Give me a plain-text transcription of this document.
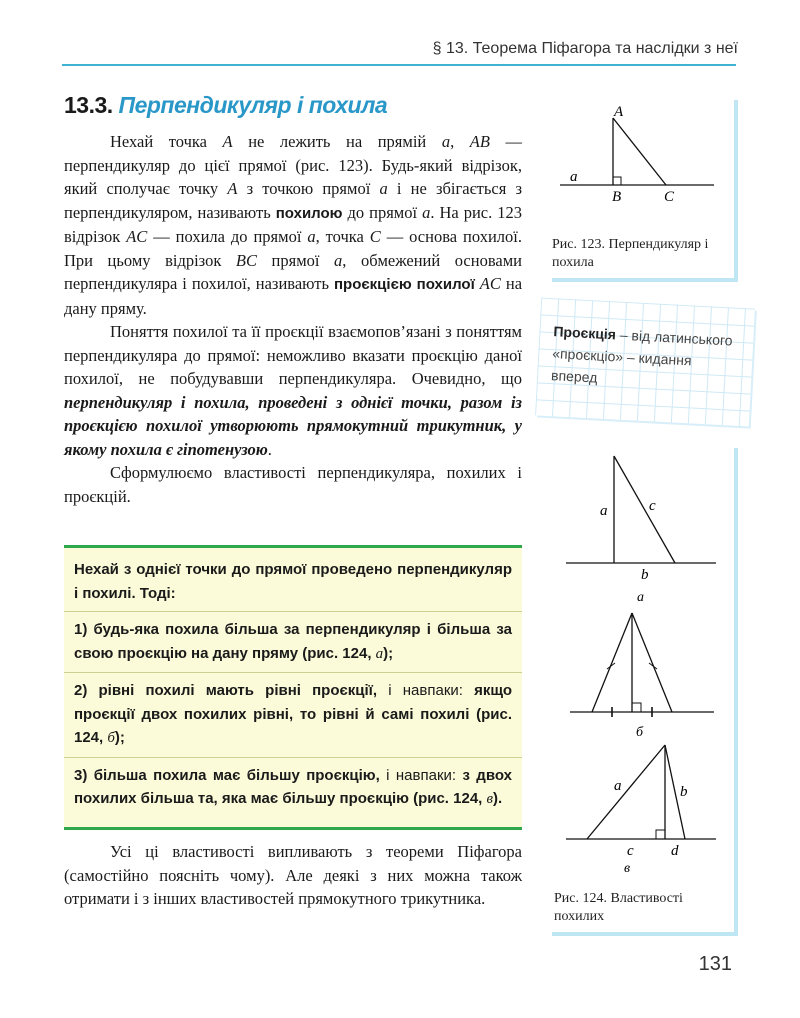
§ 13. Теорема Піфагора та наслідки з неї
13.3. Перпендикуляр і похила

Нехай точка A не лежить на прямій a, AB — перпендикуляр до цієї прямої (рис. 123). Будь-який відрізок, який сполучає точку A з точкою прямої a і не збігається з перпендикуляром, називають похилою до прямої a. На рис. 123 відрізок AC — похила до прямої a, точка C — основа похилої. При цьому відрізок BC прямої a, обмежений основами перпендикуляра і похилої, називають проєкцією похилої AC на дану пряму.

Поняття похилої та її проєкції взаємопов’язані з поняттям перпендикуляра до прямої: неможливо вказати проєкцію даної похилої, не побудувавши перпендикуляра. Очевидно, що перпендикуляр і похила, проведені з однієї точки, разом із проєкцією похилої утворюють прямокутний трикутник, у якому похила є гіпотенузою.

Сформулюємо властивості перпендикуляра, похилих і проєкцій.

Нехай з однієї точки до прямої проведено перпендикуляр і похилі. Тоді:

1) будь-яка похила більша за перпендикуляр і більша за свою проєкцію на дану пряму (рис. 124, а);

2) рівні похилі мають рівні проєкції, і навпаки: якщо проєкції двох похилих рівні, то рівні й самі похилі (рис. 124, б);

3) більша похила має більшу проєкцію, і навпаки: з двох похилих більша та, яка має більшу проєкцію (рис. 124, в).

Усі ці властивості випливають з теореми Піфагора (самостійно поясніть чому). Але деякі з них можна також отримати і з інших властивостей прямокутного трикутника.

A
B	C
a
Рис. 123. Перпендикуляр і похила
Проєкція – від латинського «проєкціо» – кидання вперед
a	c
b
а
б
a	b
c d
в
Рис. 124. Властивості похилих
131
